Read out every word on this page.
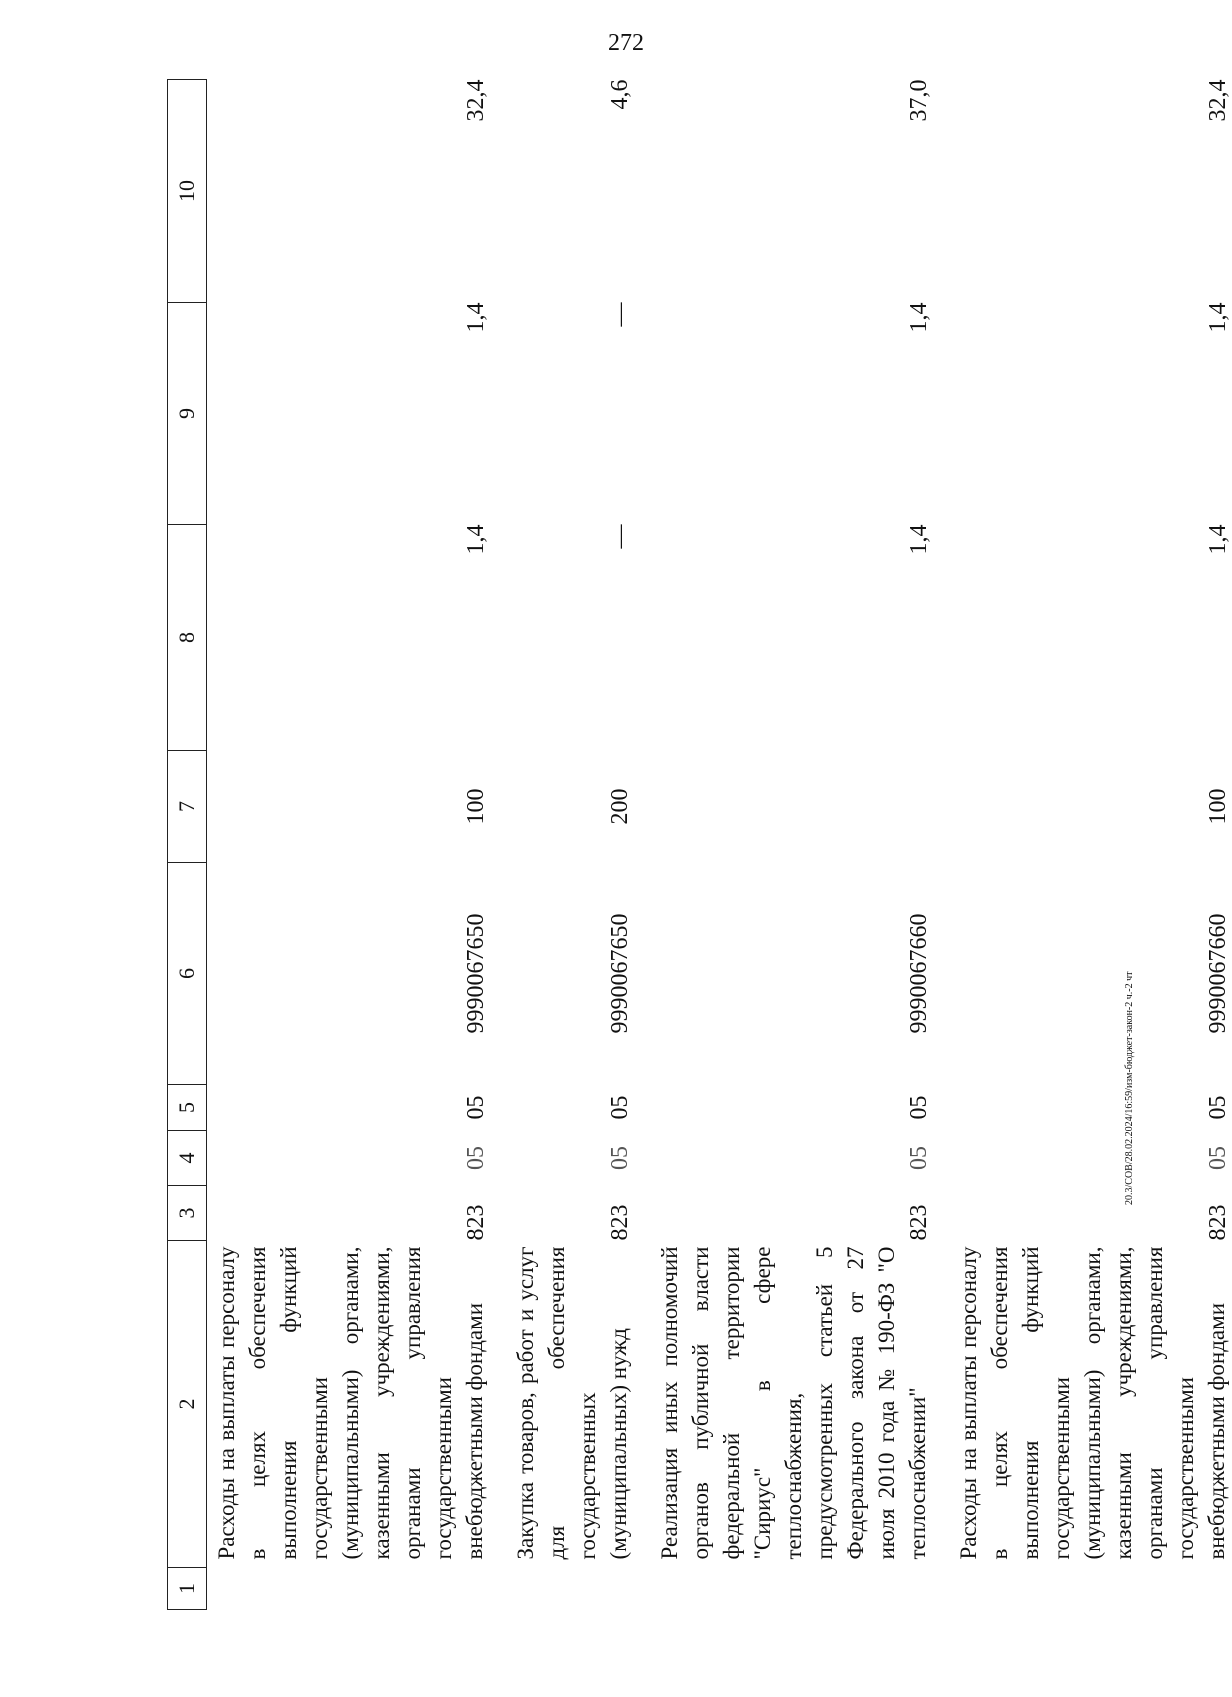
272
1	2	3	4	5	6	7	8	9	10
	Расходы на выплаты персоналу в целях обеспечения выполнения функций государственными (муниципальными) органами, казенными учреждениями, органами управления государственными внебюджетными фондами	823	05	05	9990067650	100	1,4	1,4	32,4
	Закупка товаров, работ и услуг для обеспечения государственных (муниципальных) нужд	823	05	05	9990067650	200	—	—	4,6
	Реализация иных полномочий органов публичной власти федеральной территории "Сириус" в сфере теплоснабжения, предусмотренных статьей 5 Федерального закона от 27 июля 2010 года № 190-ФЗ "О теплоснабжении"	823	05	05	9990067660		1,4	1,4	37,0
	Расходы на выплаты персоналу в целях обеспечения выполнения функций государственными (муниципальными) органами, казенными учреждениями, органами управления государственными внебюджетными фондами	823	05	05	9990067660	100	1,4	1,4	32,4
20.3/СОВ/28.02.2024/16:59/изм-бюджет-закон-2 ч.-2 чт
